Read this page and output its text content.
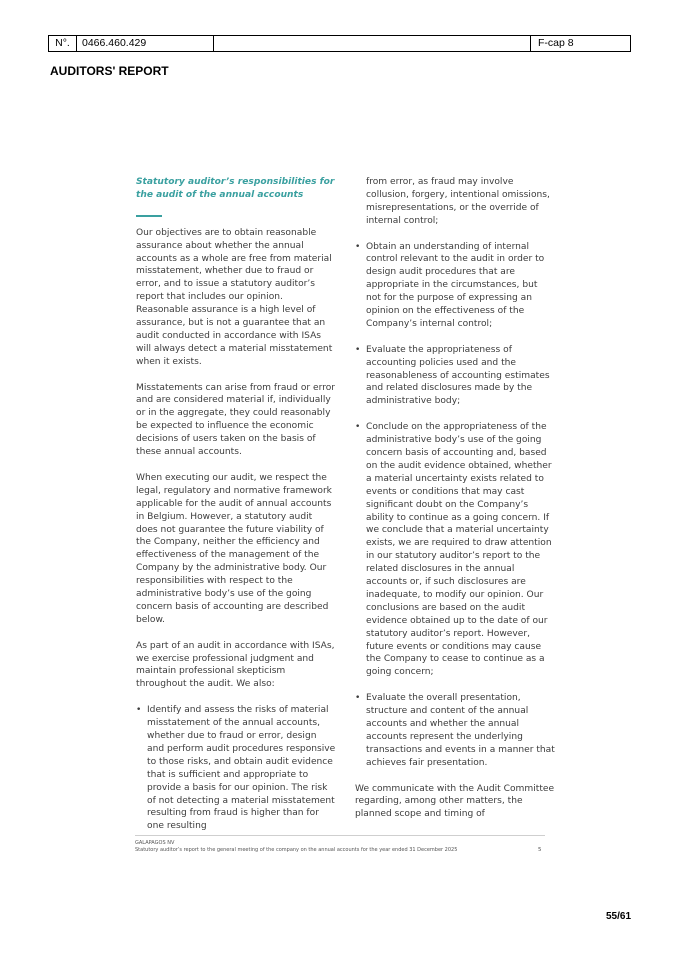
N°.	0466.460.429	F-cap 8
AUDITORS' REPORT

Statutory auditor’s responsibilities for the audit of the annual accounts

Our objectives are to obtain reasonable assurance about whether the annual accounts as a whole are free from material misstatement, whether due to fraud or error, and to issue a statutory auditor’s report that includes our opinion. Reasonable assurance is a high level of assurance, but is not a guarantee that an audit conducted in accordance with ISAs will always detect a material misstatement when it exists.

Misstatements can arise from fraud or error and are considered material if, individually or in the aggregate, they could reasonably be expected to influence the economic decisions of users taken on the basis of these annual accounts.

When executing our audit, we respect the legal, regulatory and normative framework applicable for the audit of annual accounts in Belgium. However, a statutory audit does not guarantee the future viability of the Company, neither the efficiency and effectiveness of the management of the Company by the administrative body. Our responsibilities with respect to the administrative body’s use of the going concern basis of accounting are described below.

As part of an audit in accordance with ISAs, we exercise professional judgment and maintain professional skepticism throughout the audit. We also:

• Identify and assess the risks of material misstatement of the annual accounts, whether due to fraud or error, design and perform audit procedures responsive to those risks, and obtain audit evidence that is sufficient and appropriate to provide a basis for our opinion. The risk of not detecting a material misstatement resulting from fraud is higher than for one resulting

from error, as fraud may involve collusion, forgery, intentional omissions, misrepresentations, or the override of internal control;

• Obtain an understanding of internal control relevant to the audit in order to design audit procedures that are appropriate in the circumstances, but not for the purpose of expressing an opinion on the effectiveness of the Company’s internal control;
• Evaluate the appropriateness of accounting policies used and the reasonableness of accounting estimates and related disclosures made by the administrative body;
• Conclude on the appropriateness of the administrative body’s use of the going concern basis of accounting and, based on the audit evidence obtained, whether a material uncertainty exists related to events or conditions that may cast significant doubt on the Company’s ability to continue as a going concern. If we conclude that a material uncertainty exists, we are required to draw attention in our statutory auditor’s report to the related disclosures in the annual accounts or, if such disclosures are inadequate, to modify our opinion. Our conclusions are based on the audit evidence obtained up to the date of our statutory auditor’s report. However, future events or conditions may cause the Company to cease to continue as a going concern;
• Evaluate the overall presentation, structure and content of the annual accounts and whether the annual accounts represent the underlying transactions and events in a manner that achieves fair presentation.

We communicate with the Audit Committee regarding, among other matters, the planned scope and timing of

GALAPAGOS NV
Statutory auditor’s report to the general meeting of the company on the annual accounts for the year ended 31 December 2025	5
55/61
